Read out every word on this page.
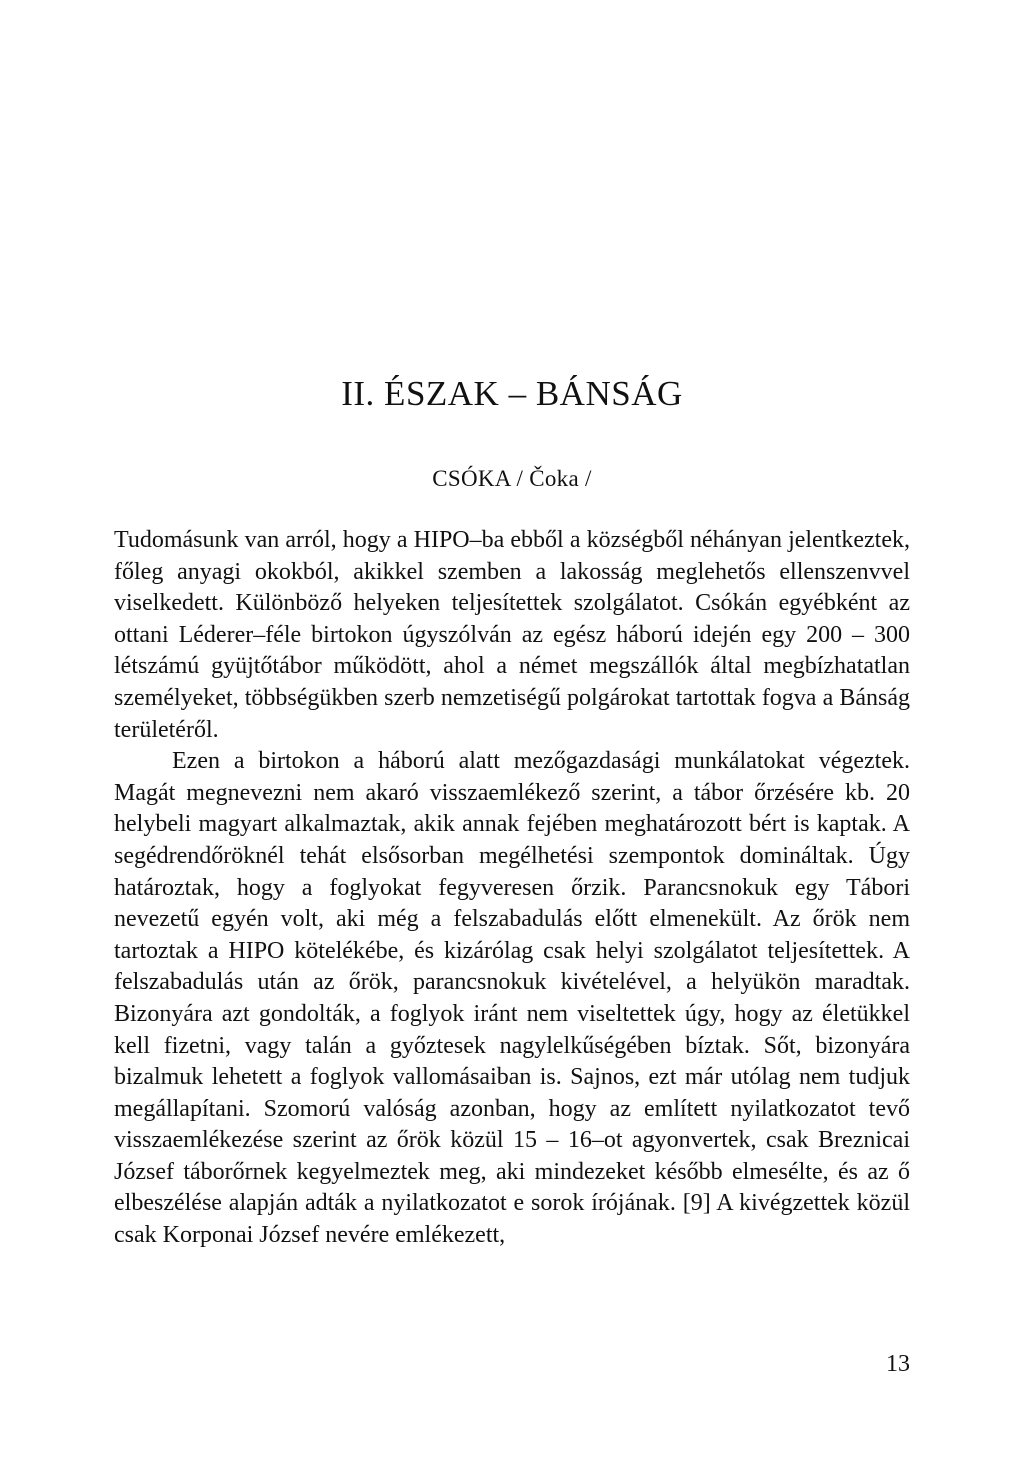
II. ÉSZAK – BÁNSÁG
CSÓKA / Čoka /

Tudomásunk van arról, hogy a HIPO–ba ebből a községből néhányan jelentkeztek, főleg anyagi okokból, akikkel szemben a lakosság meglehetős ellenszenvvel viselkedett. Különböző helyeken teljesítettek szolgálatot. Csókán egyébként az ottani Léderer–féle birtokon úgyszólván az egész háború idején egy 200 – 300 létszámú gyüjtőtábor működött, ahol a német megszállók által megbízhatatlan személyeket, többségükben szerb nemzetiségű polgárokat tartottak fogva a Bánság területéről.

Ezen a birtokon a háború alatt mezőgazdasági munkálatokat végeztek. Magát megnevezni nem akaró visszaemlékező szerint, a tábor őrzésére kb. 20 helybeli magyart alkalmaztak, akik annak fejében meghatározott bért is kaptak. A segédrendőröknél tehát elsősorban megélhetési szempontok domináltak. Úgy határoztak, hogy a foglyokat fegyveresen őrzik. Parancsnokuk egy Tábori nevezetű egyén volt, aki még a felszabadulás előtt elmenekült. Az őrök nem tartoztak a HIPO kötelékébe, és kizárólag csak helyi szolgálatot teljesítettek. A felszabadulás után az őrök, parancsnokuk kivételével, a helyükön maradtak. Bizonyára azt gondolták, a foglyok iránt nem viseltettek úgy, hogy az életükkel kell fizetni, vagy talán a győztesek nagylelkűségében bíztak. Sőt, bizonyára bizalmuk lehetett a foglyok vallomásaiban is. Sajnos, ezt már utólag nem tudjuk megállapítani. Szomorú valóság azonban, hogy az említett nyilatkozatot tevő visszaemlékezése szerint az őrök közül 15 – 16–ot agyonvertek, csak Breznicai József táborőrnek kegyelmeztek meg, aki mindezeket később elmesélte, és az ő elbeszélése alapján adták a nyilatkozatot e sorok írójának. [9] A kivégzettek közül csak Korponai József nevére emlékezett,

13
